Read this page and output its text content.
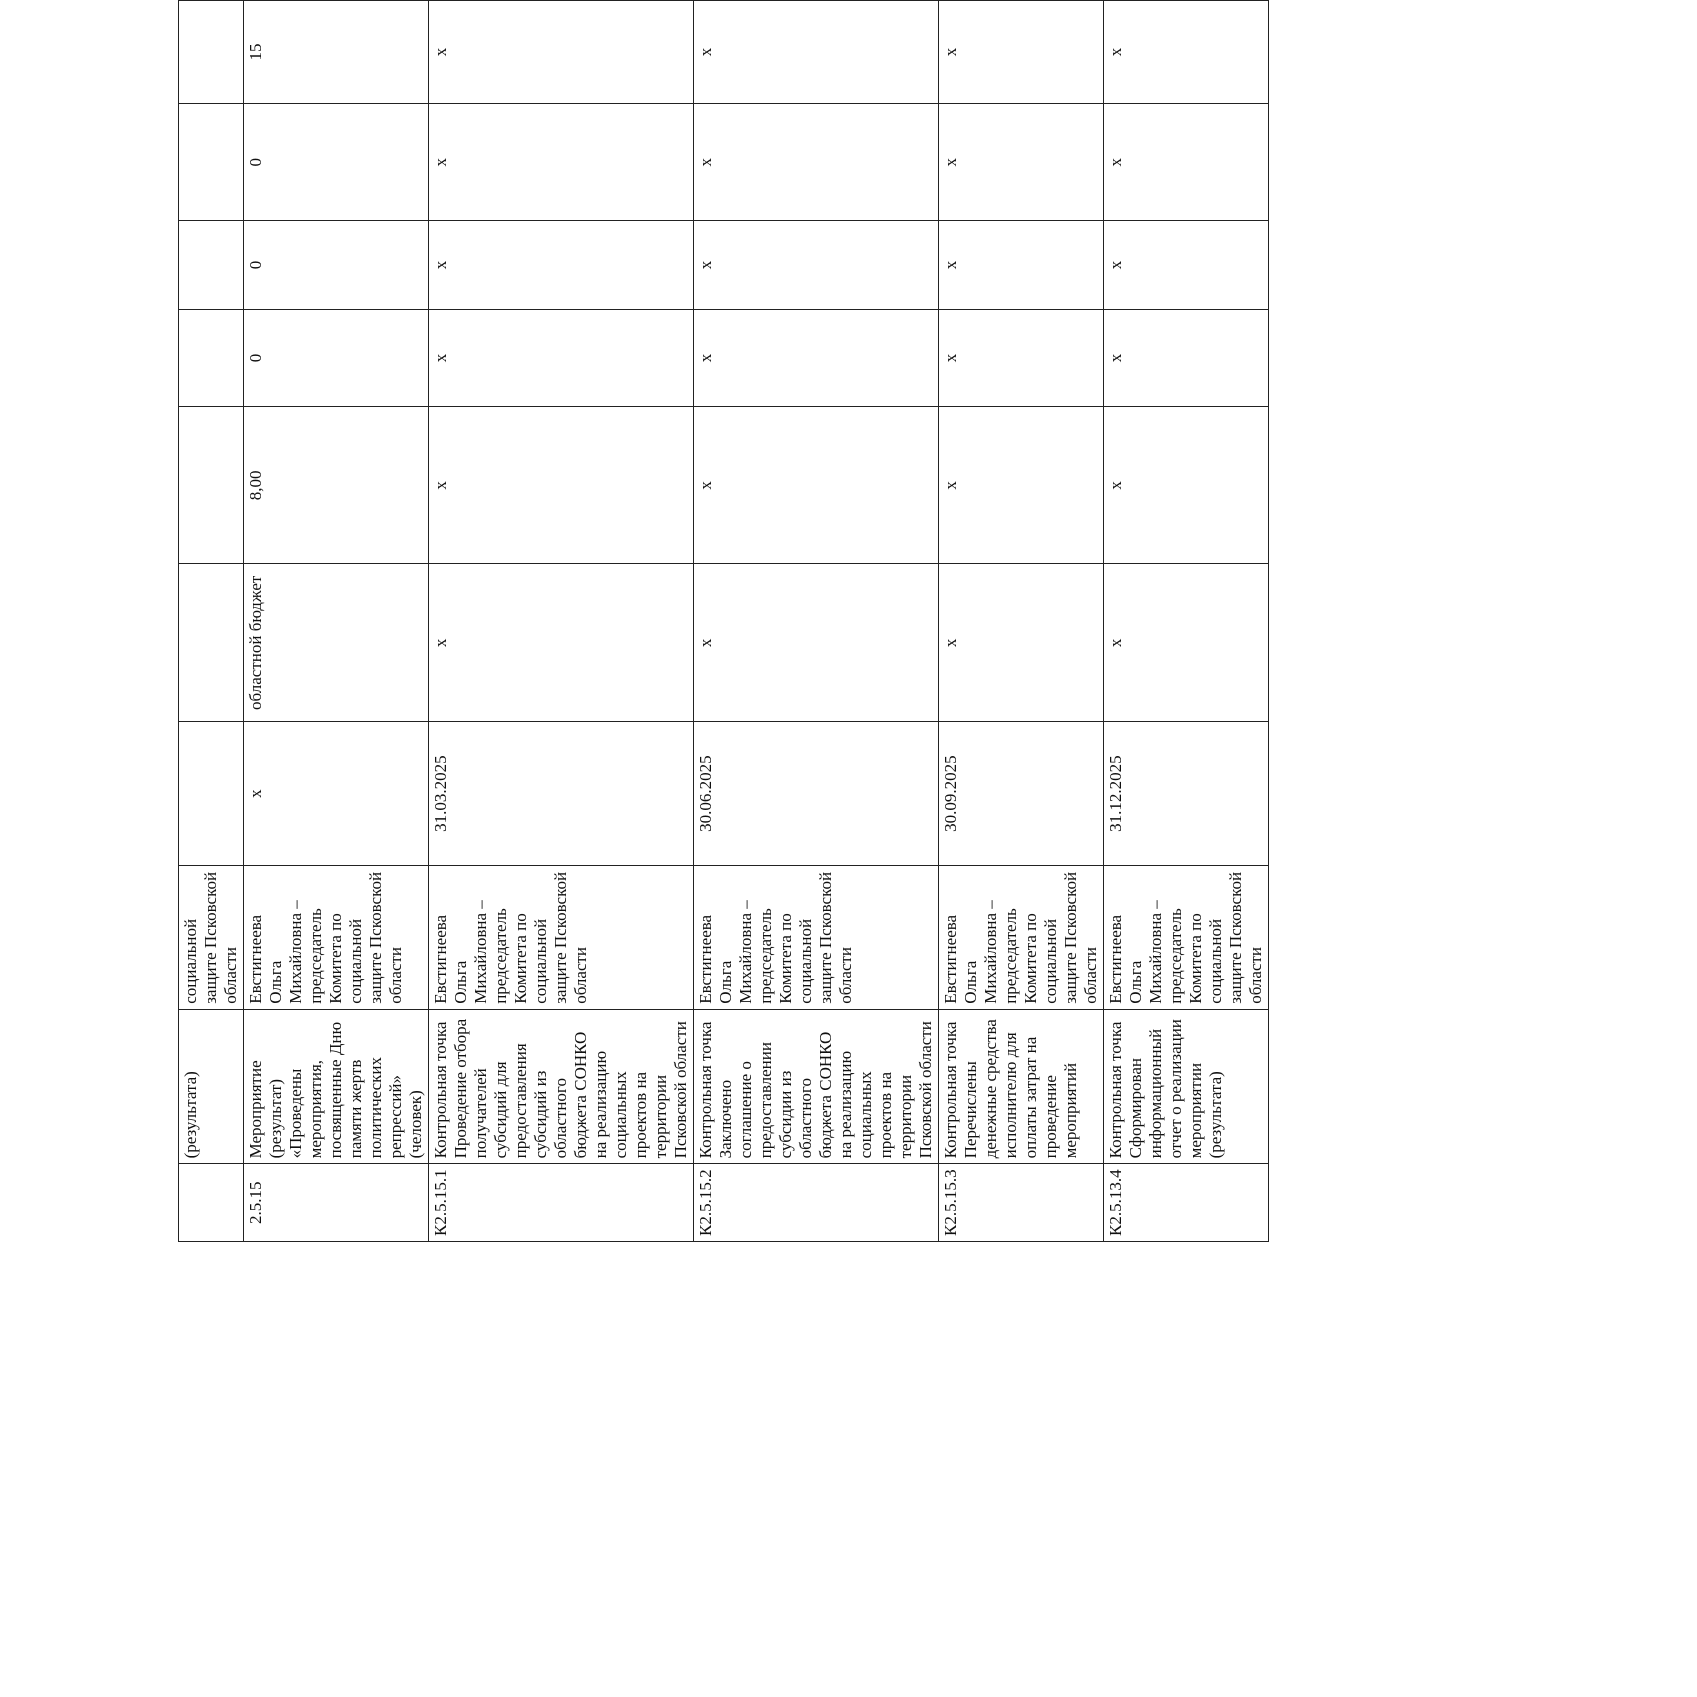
	(результата)	социальной защите Псковской области							
2.5.15	Мероприятие (результат) «Проведены мероприятия, посвященные Дню памяти жертв политических репрессий» (человек)	Евстигнеева Ольга Михайловна – председатель Комитета по социальной защите Псковской области	х	областной бюджет	8,00	0	0	0	15
К2.5.15.1	Контрольная точка Проведение отбора получателей субсидий для предоставления субсидий из областного бюджета СОНКО на реализацию социальных проектов на территории Псковской области	Евстигнеева Ольга Михайловна – председатель Комитета по социальной защите Псковской области	31.03.2025	х	х	х	х	х	х
К2.5.15.2	Контрольная точка Заключено соглашение о предоставлении субсидии из областного бюджета СОНКО на реализацию социальных проектов на территории Псковской области	Евстигнеева Ольга Михайловна – председатель Комитета по социальной защите Псковской области	30.06.2025	х	х	х	х	х	х
К2.5.15.3	Контрольная точка Перечислены денежные средства исполнителю для оплаты затрат на проведение мероприятий	Евстигнеева Ольга Михайловна – председатель Комитета по социальной защите Псковской области	30.09.2025	х	х	х	х	х	х
К2.5.13.4	Контрольная точка Сформирован информационный отчет о реализации мероприятии (результата)	Евстигнеева Ольга Михайловна – председатель Комитета по социальной защите Псковской области	31.12.2025	х	х	х	х	х	х
